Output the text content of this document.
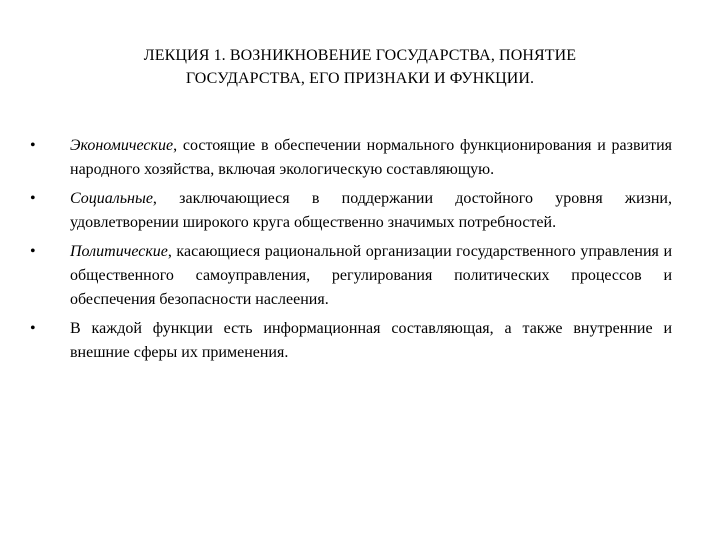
ЛЕКЦИЯ 1. ВОЗНИКНОВЕНИЕ ГОСУДАРСТВА, ПОНЯТИЕ
ГОСУДАРСТВА, ЕГО ПРИЗНАКИ И ФУНКЦИИ.
•	Экономические, состоящие в обеспечении нормального функционирования и развития народного хозяйства, включая экологическую составляющую.
•	Социальные, заключающиеся в поддержании достойного уровня жизни, удовлетворении широкого круга общественно значимых потребностей.
•	Политические, касающиеся рациональной организации государственного управления и общественного самоуправления, регулирования политических процессов и обеспечения безопасности наслеения.
•	В каждой функции есть информационная составляющая, а также внутренние и внешние сферы их применения.
